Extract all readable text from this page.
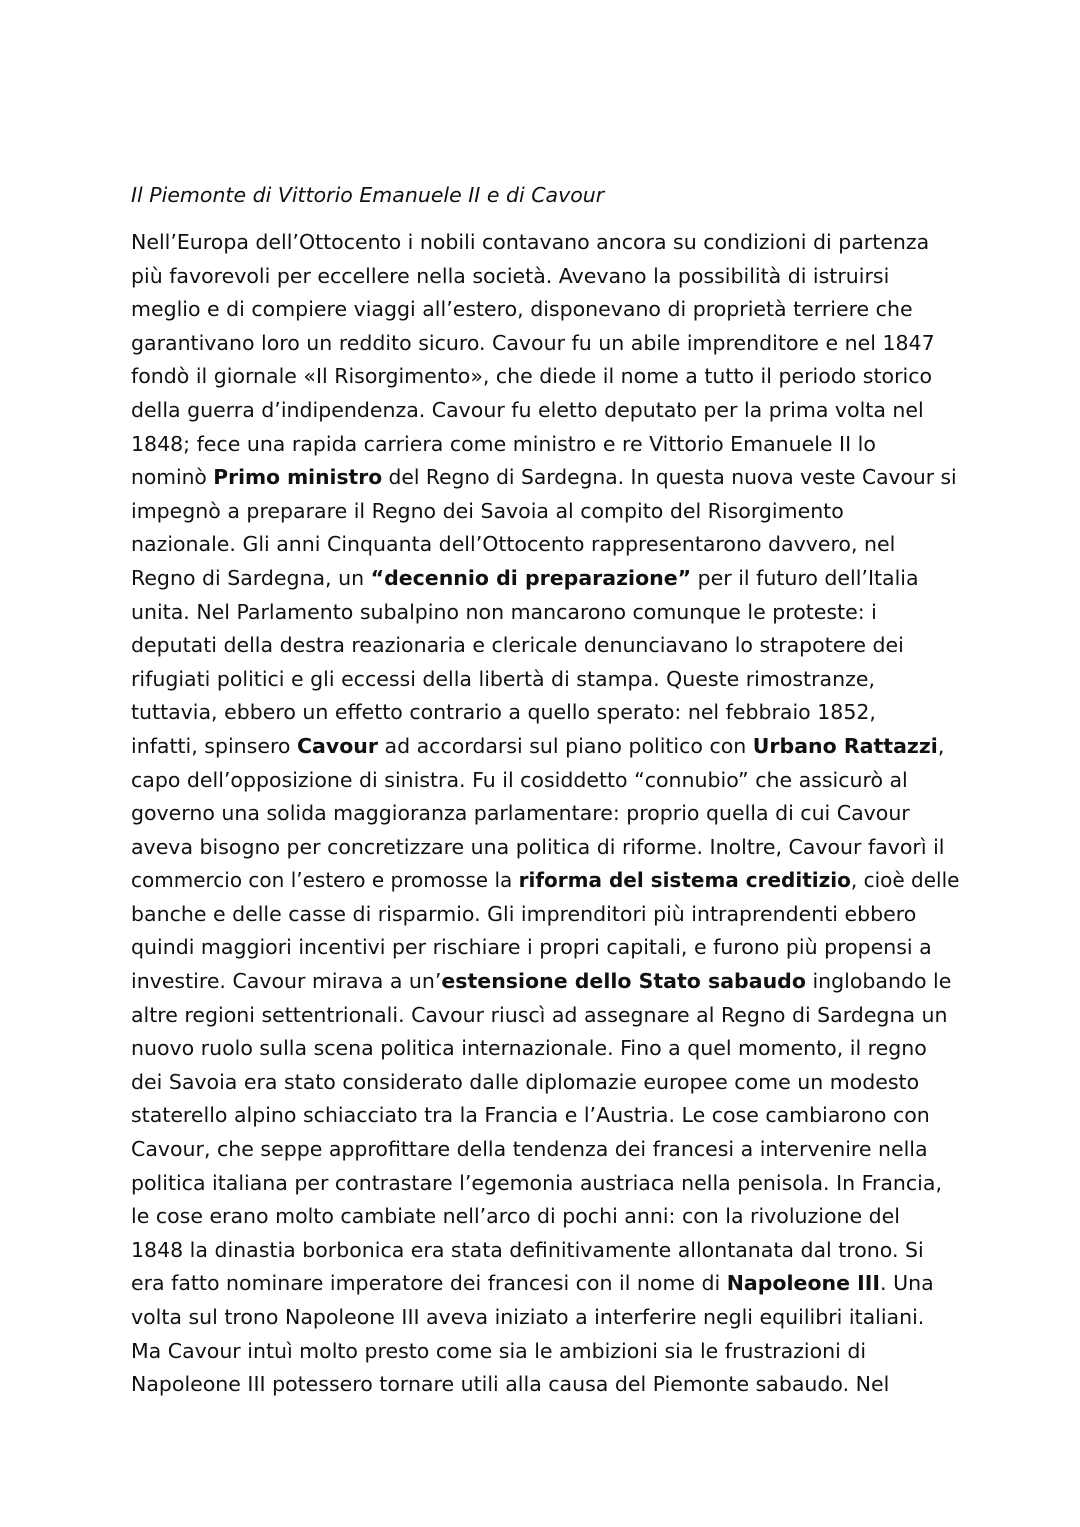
Il Piemonte di Vittorio Emanuele II e di Cavour
Nell’Europa dell’Ottocento i nobili contavano ancora su condizioni di partenza
più favorevoli per eccellere nella società. Avevano la possibilità di istruirsi
meglio e di compiere viaggi all’estero, disponevano di proprietà terriere che
garantivano loro un reddito sicuro. Cavour fu un abile imprenditore e nel 1847
fondò il giornale «Il Risorgimento», che diede il nome a tutto il periodo storico
della guerra d’indipendenza. Cavour fu eletto deputato per la prima volta nel
1848; fece una rapida carriera come ministro e re Vittorio Emanuele II lo
nominò Primo ministro del Regno di Sardegna. In questa nuova veste Cavour si
impegnò a preparare il Regno dei Savoia al compito del Risorgimento
nazionale. Gli anni Cinquanta dell’Ottocento rappresentarono davvero, nel
Regno di Sardegna, un “decennio di preparazione” per il futuro dell’Italia
unita. Nel Parlamento subalpino non mancarono comunque le proteste: i
deputati della destra reazionaria e clericale denunciavano lo strapotere dei
rifugiati politici e gli eccessi della libertà di stampa. Queste rimostranze,
tuttavia, ebbero un effetto contrario a quello sperato: nel febbraio 1852,
infatti, spinsero Cavour ad accordarsi sul piano politico con Urbano Rattazzi,
capo dell’opposizione di sinistra. Fu il cosiddetto “connubio” che assicurò al
governo una solida maggioranza parlamentare: proprio quella di cui Cavour
aveva bisogno per concretizzare una politica di riforme. Inoltre, Cavour favorì il
commercio con l’estero e promosse la riforma del sistema creditizio, cioè delle
banche e delle casse di risparmio. Gli imprenditori più intraprendenti ebbero
quindi maggiori incentivi per rischiare i propri capitali, e furono più propensi a
investire. Cavour mirava a un’estensione dello Stato sabaudo inglobando le
altre regioni settentrionali. Cavour riuscì ad assegnare al Regno di Sardegna un
nuovo ruolo sulla scena politica internazionale. Fino a quel momento, il regno
dei Savoia era stato considerato dalle diplomazie europee come un modesto
staterello alpino schiacciato tra la Francia e l’Austria. Le cose cambiarono con
Cavour, che seppe approfittare della tendenza dei francesi a intervenire nella
politica italiana per contrastare l’egemonia austriaca nella penisola. In Francia,
le cose erano molto cambiate nell’arco di pochi anni: con la rivoluzione del
1848 la dinastia borbonica era stata definitivamente allontanata dal trono. Si
era fatto nominare imperatore dei francesi con il nome di Napoleone III. Una
volta sul trono Napoleone III aveva iniziato a interferire negli equilibri italiani.
Ma Cavour intuì molto presto come sia le ambizioni sia le frustrazioni di
Napoleone III potessero tornare utili alla causa del Piemonte sabaudo. Nel
